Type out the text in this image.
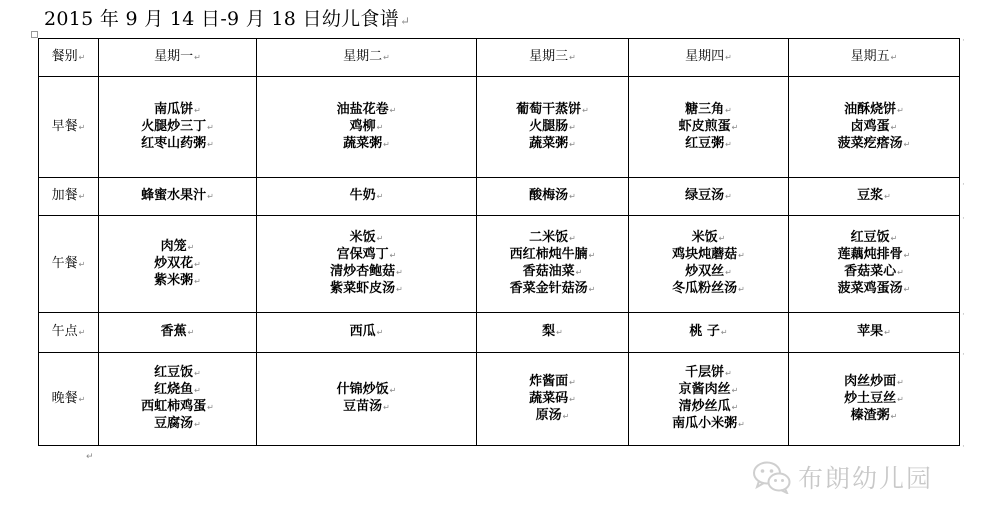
2015 年 9 月 14 日-9 月 18 日幼儿食谱↵
餐别↵	星期一↵	星期二↵	星期三↵	星期四↵	星期五↵
早餐↵	南瓜饼↵
火腿炒三丁↵
红枣山药粥↵	油盐花卷↵
鸡柳↵
蔬菜粥↵	葡萄干蒸饼↵
火腿肠↵
蔬菜粥↵	糖三角↵
虾皮煎蛋↵
红豆粥↵	油酥烧饼↵
卤鸡蛋↵
菠菜疙瘩汤↵

加餐↵	蜂蜜水果汁↵	牛奶↵	酸梅汤↵	绿豆汤↵	豆浆↵

午餐↵	肉笼↵
炒双花↵
紫米粥↵	米饭↵
宫保鸡丁↵
清炒杏鲍菇↵
紫菜虾皮汤↵	二米饭↵
西红柿炖牛腩↵
香菇油菜↵
香菜金针菇汤↵	米饭↵
鸡块炖蘑菇↵
炒双丝↵
冬瓜粉丝汤↵	红豆饭↵
莲藕炖排骨↵
香菇菜心↵
菠菜鸡蛋汤↵

午点↵	香蕉↵	西瓜↵	梨↵	桃 子↵	苹果↵

晚餐↵	红豆饭↵
红烧鱼↵
西虹柿鸡蛋↵
豆腐汤↵	什锦炒饭↵
豆苗汤↵	炸酱面↵
蔬菜码↵
原汤↵	千层饼↵
京酱肉丝↵
清炒丝瓜↵
南瓜小米粥↵	肉丝炒面↵
炒土豆丝↵
榛渣粥↵
↵
·
·
·
·
·
·
布朗幼儿园
